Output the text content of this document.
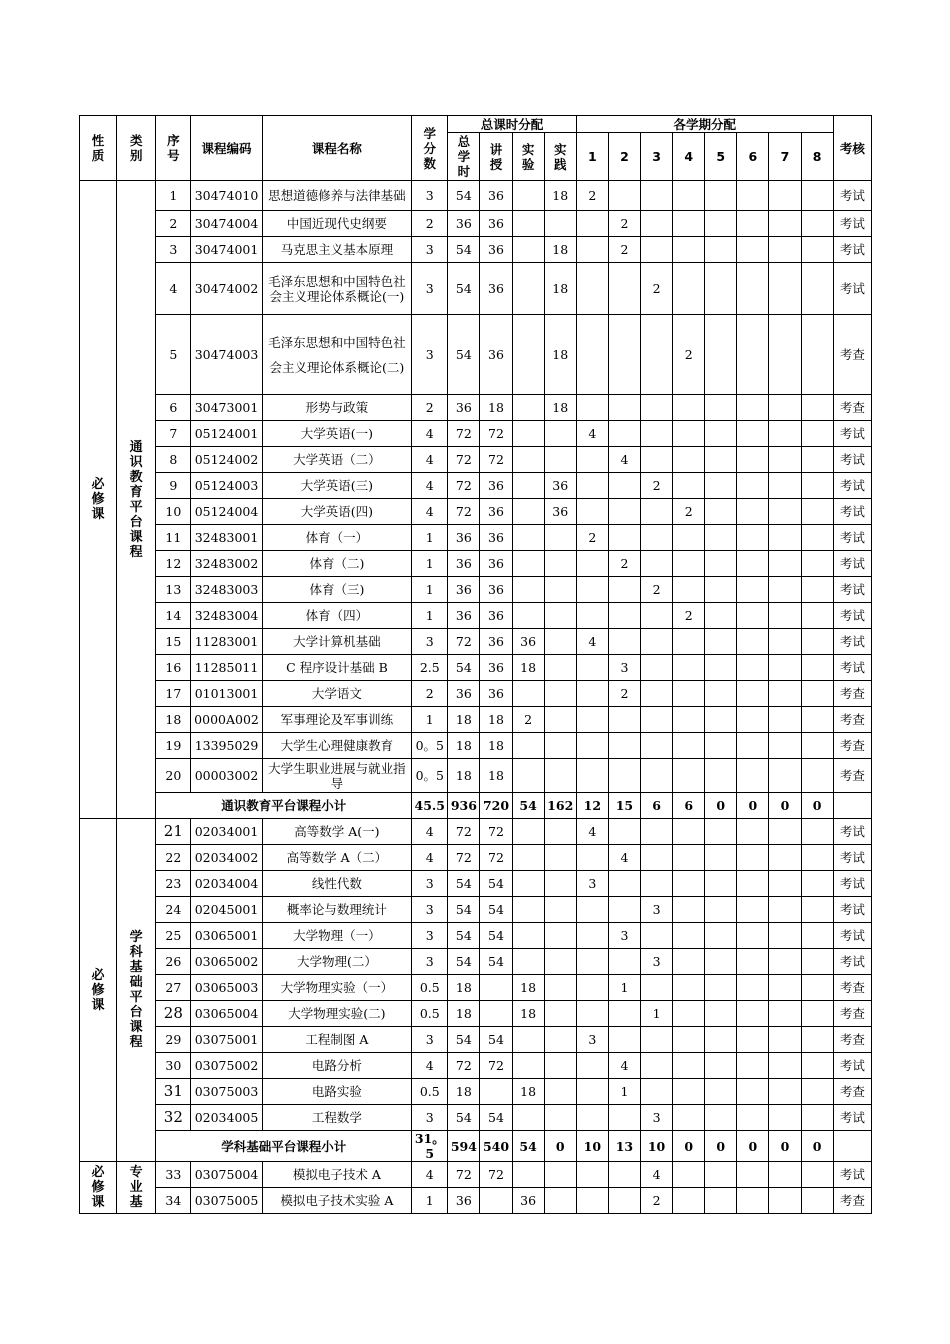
性质	类别	序号	课程编码	课程名称	学分数	总课时分配				各学期分配								考核
						总学时	讲授	实验	实践	1	2	3	4	5	6	7	8	

必修课	通识教育平台课程	1	30474010	思想道德修养与法律基础	3	54	36		18	2								考试
		2	30474004	中国近现代史纲要	2	36	36				2							考试
		3	30474001	马克思主义基本原理	3	54	36		18		2							考试
		4	30474002	毛泽东思想和中国特色社会主义理论体系概论(一)	3	54	36		18			2						考试
		5	30474003	毛泽东思想和中国特色社会主义理论体系概论(二)	3	54	36		18				2					考查
		6	30473001	形势与政策	2	36	18		18									考查
		7	05124001	大学英语(一)	4	72	72			4								考试
		8	05124002	大学英语（二）	4	72	72				4							考试
		9	05124003	大学英语(三)	4	72	36		36			2						考试
		10	05124004	大学英语(四)	4	72	36		36				2					考试
		11	32483001	体育（一）	1	36	36			2								考试
		12	32483002	体育（二)	1	36	36				2							考试
		13	32483003	体育（三)	1	36	36					2						考试
		14	32483004	体育（四）	1	36	36						2					考试
		15	11283001	大学计算机基础	3	72	36	36		4								考试
		16	11285011	C 程序设计基础 B	2.5	54	36	18			3							考试
		17	01013001	大学语文	2	36	36				2							考查
		18	0000A002	军事理论及军事训练	1	18	18	2										考查
		19	13395029	大学生心理健康教育	0。5	18	18											考查
		20	00003002	大学生职业进展与就业指导	0。5	18	18											考查
		通识教育平台课程小计			45.5	936	720	54	162	12	15	6	6	0	0	0	0	

必修课	学科基础平台课程	21	02034001	高等数学 A(一)	4	72	72			4								考试
		22	02034002	高等数学 A（二）	4	72	72				4							考试
		23	02034004	线性代数	3	54	54			3								考试
		24	02045001	概率论与数理统计	3	54	54					3						考试
		25	03065001	大学物理（一）	3	54	54				3							考试
		26	03065002	大学物理(二）	3	54	54					3						考试
		27	03065003	大学物理实验（一）	0.5	18		18			1							考查
		28	03065004	大学物理实验(二)	0.5	18		18				1						考查
		29	03075001	工程制图 A	3	54	54			3								考查
		30	03075002	电路分析	4	72	72				4							考试
		31	03075003	电路实验	0.5	18		18			1							考查
		32	02034005	工程数学	3	54	54					3						考试
		学科基础平台课程小计			31。5	594	540	54	0	10	13	10	0	0	0	0	0	

必修课	专业基	33	03075004	模拟电子技术 A	4	72	72					4						考试
		34	03075005	模拟电子技术实验 A	1	36		36				2						考查
